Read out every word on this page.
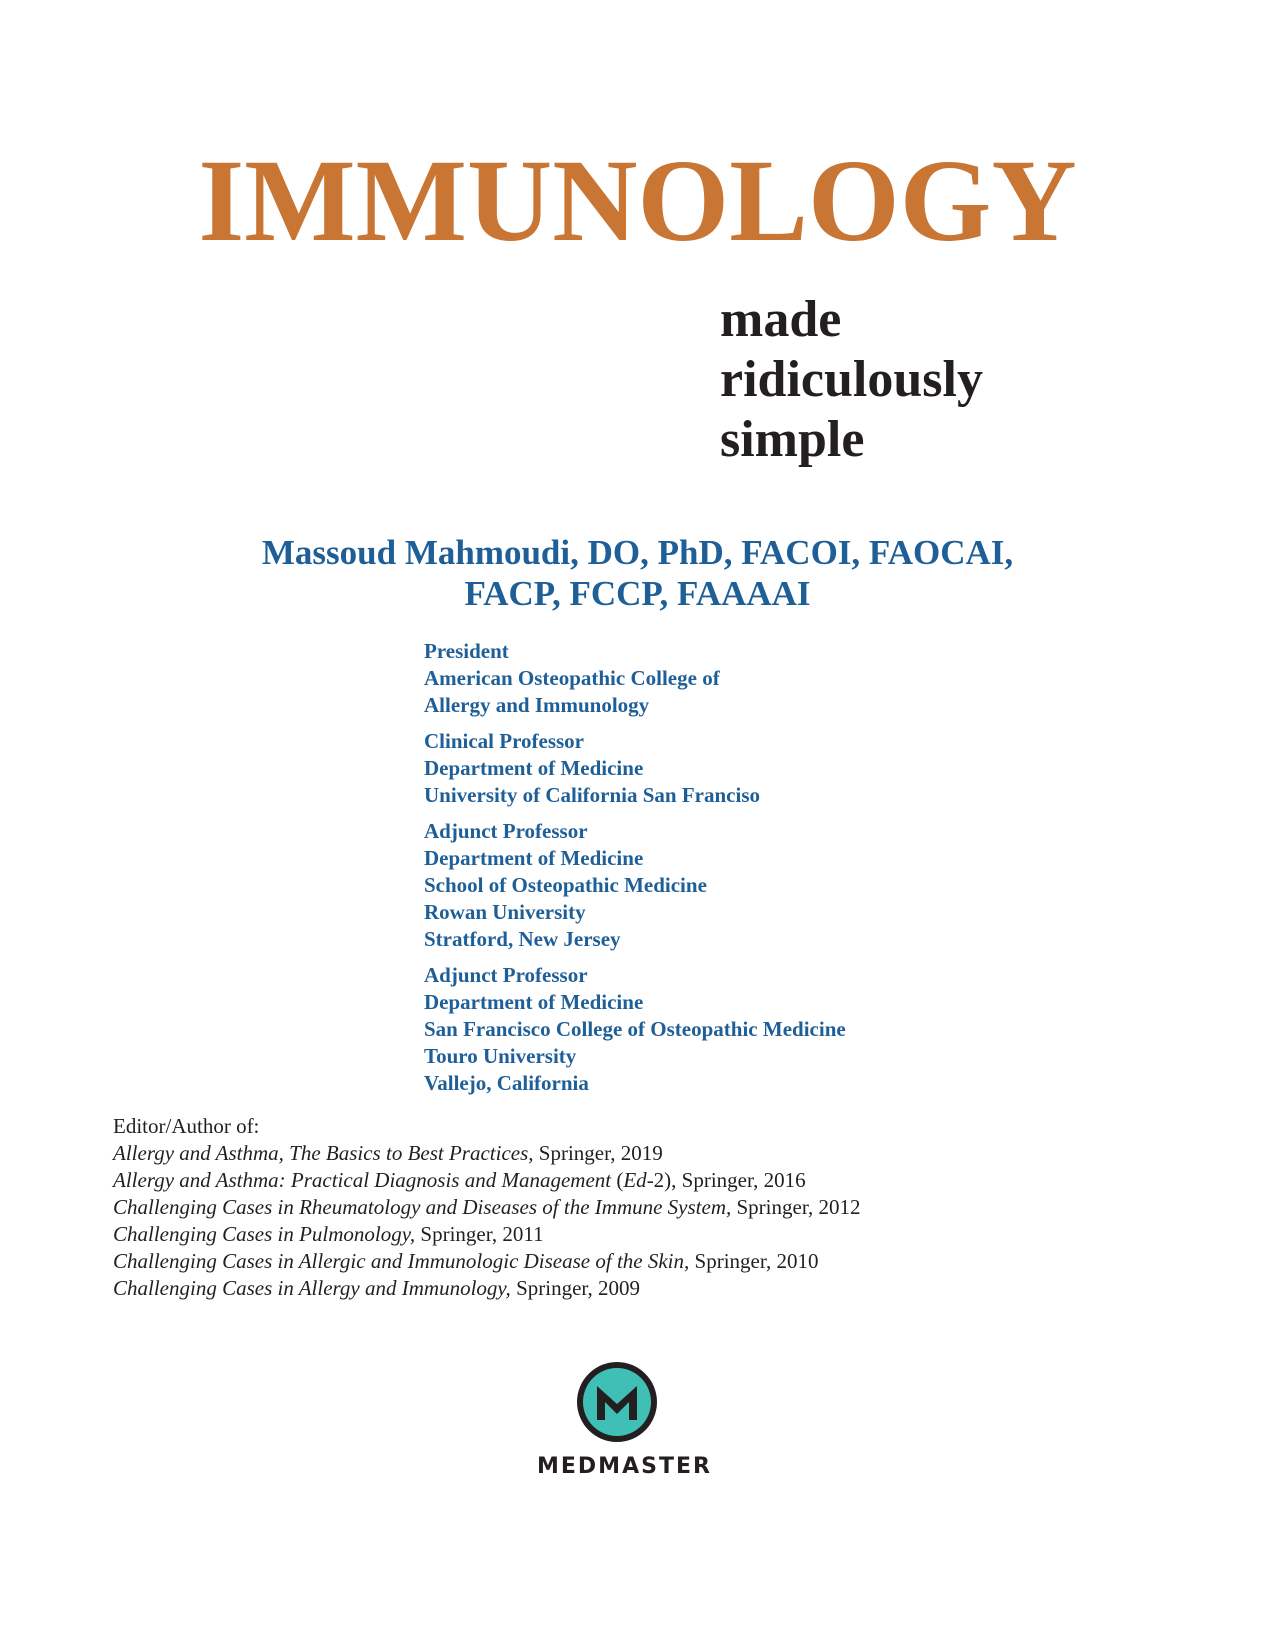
IMMUNOLOGY
made
ridiculously
simple
Massoud Mahmoudi, DO, PhD, FACOI, FAOCAI,
FACP, FCCP, FAAAAI
President
American Osteopathic College of
Allergy and Immunology
Clinical Professor
Department of Medicine
University of California San Franciso
Adjunct Professor
Department of Medicine
School of Osteopathic Medicine
Rowan University
Stratford, New Jersey
Adjunct Professor
Department of Medicine
San Francisco College of Osteopathic Medicine
Touro University
Vallejo, California
Editor/Author of:
Allergy and Asthma, The Basics to Best Practices, Springer, 2019
Allergy and Asthma: Practical Diagnosis and Management (Ed-2), Springer, 2016
Challenging Cases in Rheumatology and Diseases of the Immune System, Springer, 2012
Challenging Cases in Pulmonology, Springer, 2011
Challenging Cases in Allergic and Immunologic Disease of the Skin, Springer, 2010
Challenging Cases in Allergy and Immunology, Springer, 2009
MEDMASTER
